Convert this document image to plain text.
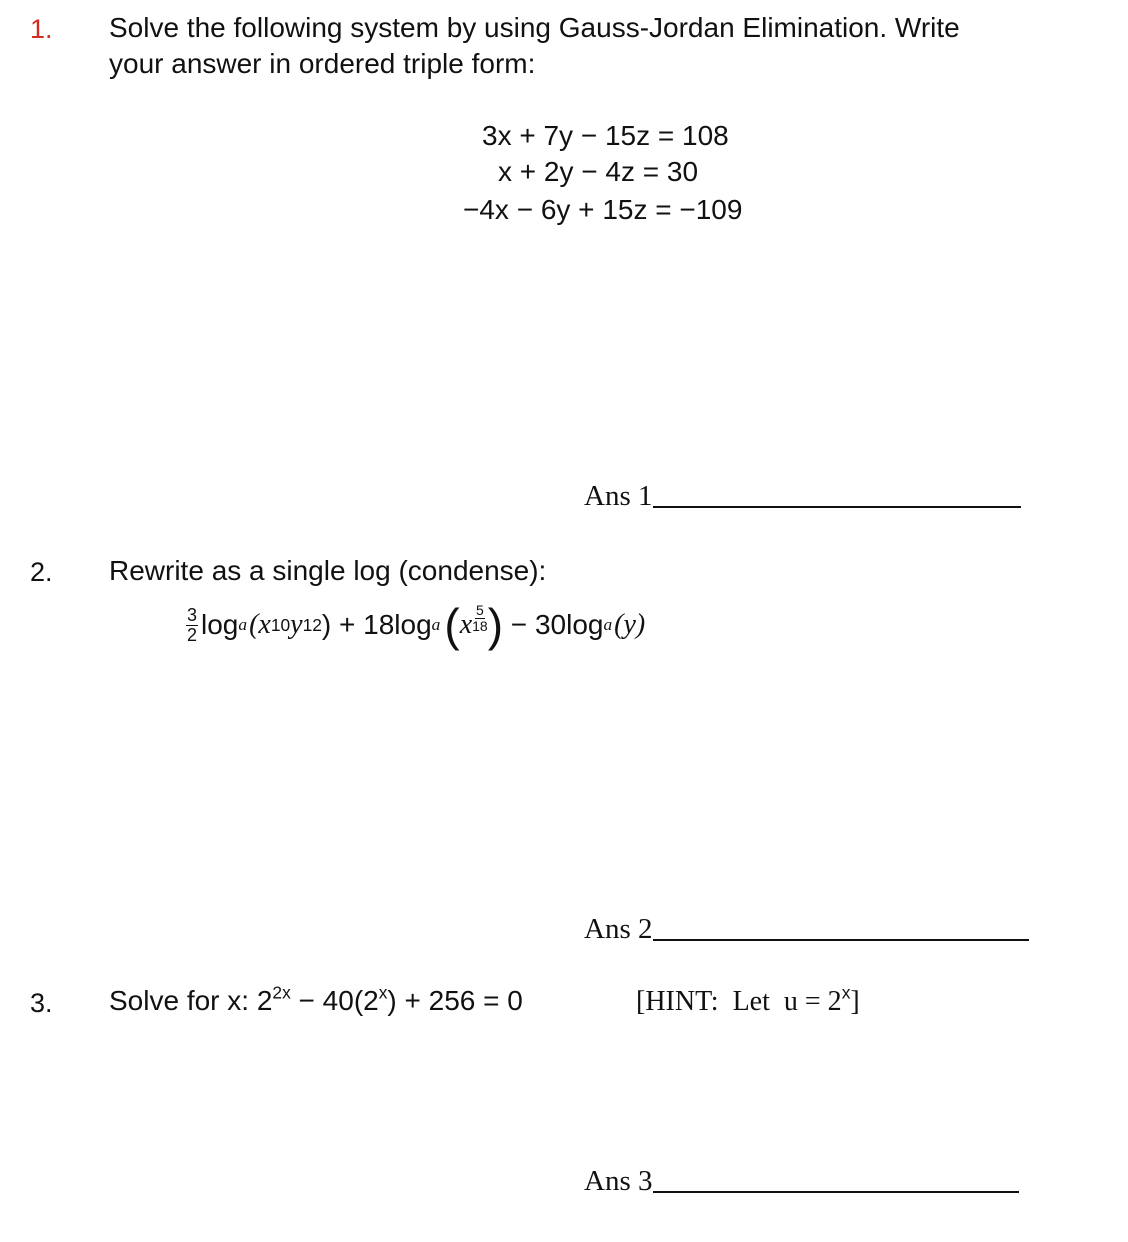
1. Solve the following system by using Gauss-Jordan Elimination. Write
your answer in ordered triple form:
3x + 7y − 15z = 108
x + 2y − 4z = 30
−4x − 6y + 15z = −109
Ans 1
2. Rewrite as a single log (condense):
$\frac{3}{2}$ log a (x 10 y 12 ) + 18 log a ( x $\frac{5}{18}$ ) − 30 log a (y)
Ans 2
3. Solve for x: $2^{2x} - 40(2^x) + 256 = 0$	[HINT:  Let  $u = 2^x$]
Ans 3
